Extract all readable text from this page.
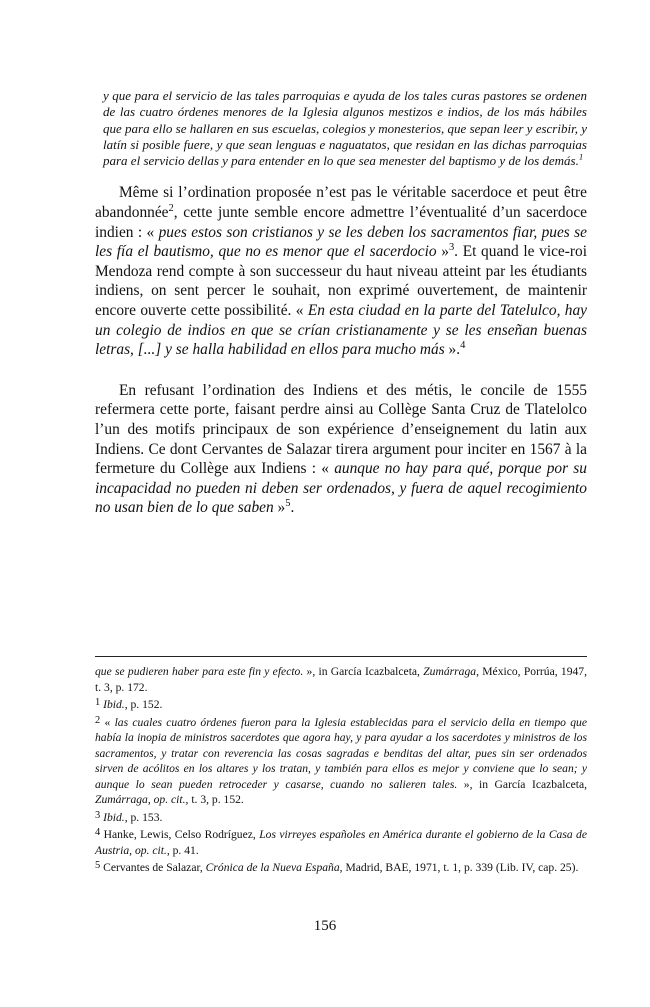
y que para el servicio de las tales parroquias e ayuda de los tales curas pastores se ordenen de las cuatro órdenes menores de la Iglesia algunos mestizos e indios, de los más hábiles que para ello se hallaren en sus escuelas, colegios y monesterios, que sepan leer y escribir, y latín si posible fuere, y que sean lenguas e naguatatos, que residan en las dichas parroquias para el servicio dellas y para entender en lo que sea menester del baptismo y de los demás.$^1$

Même si l’ordination proposée n’est pas le véritable sacerdoce et peut être abandonnée$^2$, cette junte semble encore admettre l’éventualité d’un sacerdoce indien : « pues estos son cristianos y se les deben los sacramentos fiar, pues se les fía el bautismo, que no es menor que el sacerdocio »$^3$. Et quand le vice-roi Mendoza rend compte à son successeur du haut niveau atteint par les étudiants indiens, on sent percer le souhait, non exprimé ouvertement, de maintenir encore ouverte cette possibilité. « En esta ciudad en la parte del Tatelulco, hay un colegio de indios en que se crían cristianamente y se les enseñan buenas letras, [...] y se halla habilidad en ellos para mucho más ».$^4$

En refusant l’ordination des Indiens et des métis, le concile de 1555 refermera cette porte, faisant perdre ainsi au Collège Santa Cruz de Tlatelolco l’un des motifs principaux de son expérience d’enseignement du latin aux Indiens. Ce dont Cervantes de Salazar tirera argument pour inciter en 1567 à la fermeture du Collège aux Indiens : « aunque no hay para qué, porque por su incapacidad no pueden ni deben ser ordenados, y fuera de aquel recogimiento no usan bien de lo que saben »$^5$.

que se pudieren haber para este fin y efecto. », in García Icazbalceta, Zumárraga, México, Porrúa, 1947, t. 3, p. 172.

$^1$ Ibid., p. 152.

$^2$ « las cuales cuatro órdenes fueron para la Iglesia establecidas para el servicio della en tiempo que había la inopia de ministros sacerdotes que agora hay, y para ayudar a los sacerdotes y ministros de los sacramentos, y tratar con reverencia las cosas sagradas e benditas del altar, pues sin ser ordenados sirven de acólitos en los altares y los tratan, y también para ellos es mejor y conviene que lo sean; y aunque lo sean pueden retroceder y casarse, cuando no salieren tales. », in García Icazbalceta, Zumárraga, op. cit., t. 3, p. 152.

$^3$ Ibid., p. 153.

$^4$ Hanke, Lewis, Celso Rodríguez, Los virreyes españoles en América durante el gobierno de la Casa de Austria, op. cit., p. 41.

$^5$ Cervantes de Salazar, Crónica de la Nueva España, Madrid, BAE, 1971, t. 1, p. 339 (Lib. IV, cap. 25).

156
